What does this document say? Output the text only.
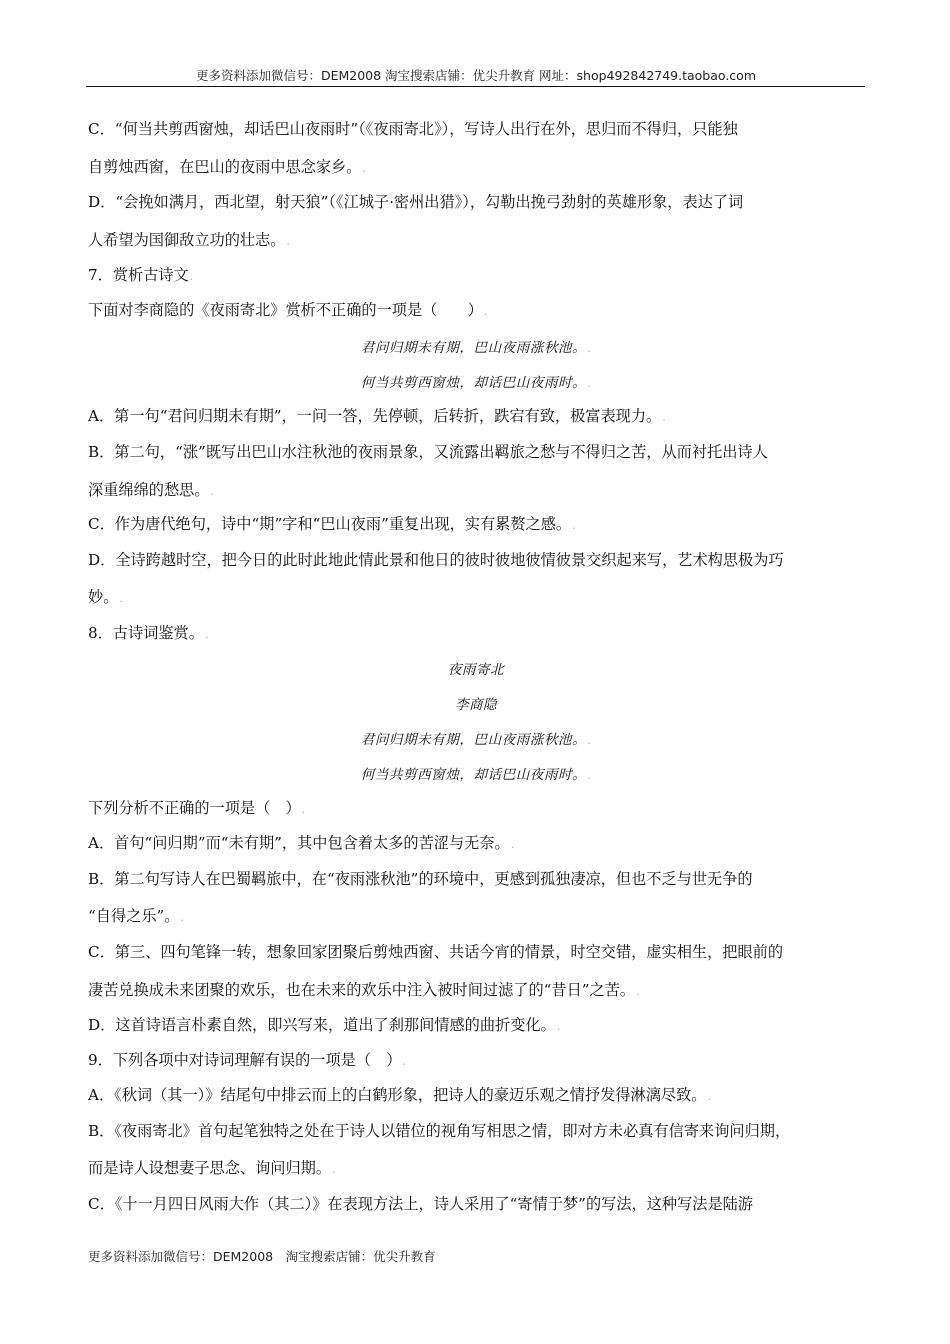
更多资料添加微信号：DEM2008 淘宝搜索店铺：优尖升教育 网址：shop492842749.taobao.com
C．“何当共剪西窗烛，却话巴山夜雨时”（《夜雨寄北》），写诗人出行在外，思归而不得归，只能独
自剪烛西窗，在巴山的夜雨中思念家乡。.
D．“会挽如满月，西北望，射天狼”（《江城子·密州出猎》），勾勒出挽弓劲射的英雄形象，表达了词
人希望为国御敌立功的壮志。.
7．赏析古诗文.
下面对李商隐的《夜雨寄北》赏析不正确的一项是（　　）.
君问归期未有期，巴山夜雨涨秋池。.
何当共剪西窗烛，却话巴山夜雨时。.
A．第一句“君问归期未有期”，一问一答，先停顿，后转折，跌宕有致，极富表现力。.
B．第二句，“涨”既写出巴山水注秋池的夜雨景象，又流露出羁旅之愁与不得归之苦，从而衬托出诗人
深重绵绵的愁思。.
C．作为唐代绝句，诗中“期”字和“巴山夜雨”重复出现，实有累赘之感。.
D．全诗跨越时空，把今日的此时此地此情此景和他日的彼时彼地彼情彼景交织起来写，艺术构思极为巧
妙。.
8．古诗词鉴赏。.
夜雨寄北
李商隐
君问归期未有期，巴山夜雨涨秋池。.
何当共剪西窗烛，却话巴山夜雨时。.
下列分析不正确的一项是（　）.
A．首句“问归期”而“未有期”，其中包含着太多的苦涩与无奈。.
B．第二句写诗人在巴蜀羁旅中，在“夜雨涨秋池”的环境中，更感到孤独凄凉，但也不乏与世无争的
“自得之乐”。.
C．第三、四句笔锋一转，想象回家团聚后剪烛西窗、共话今宵的情景，时空交错，虚实相生，把眼前的
凄苦兑换成未来团聚的欢乐，也在未来的欢乐中注入被时间过滤了的“昔日”之苦。.
D．这首诗语言朴素自然，即兴写来，道出了刹那间情感的曲折变化。.
9．下列各项中对诗词理解有误的一项是（　）.
A．《秋词（其一）》结尾句中排云而上的白鹤形象，把诗人的豪迈乐观之情抒发得淋漓尽致。.
B．《夜雨寄北》首句起笔独特之处在于诗人以错位的视角写相思之情，即对方未必真有信寄来询问归期，
而是诗人设想妻子思念、询问归期。.
C．《十一月四日风雨大作（其二）》在表现方法上，诗人采用了“寄情于梦”的写法，这种写法是陆游
更多资料添加微信号：DEM2008　淘宝搜索店铺：优尖升教育
